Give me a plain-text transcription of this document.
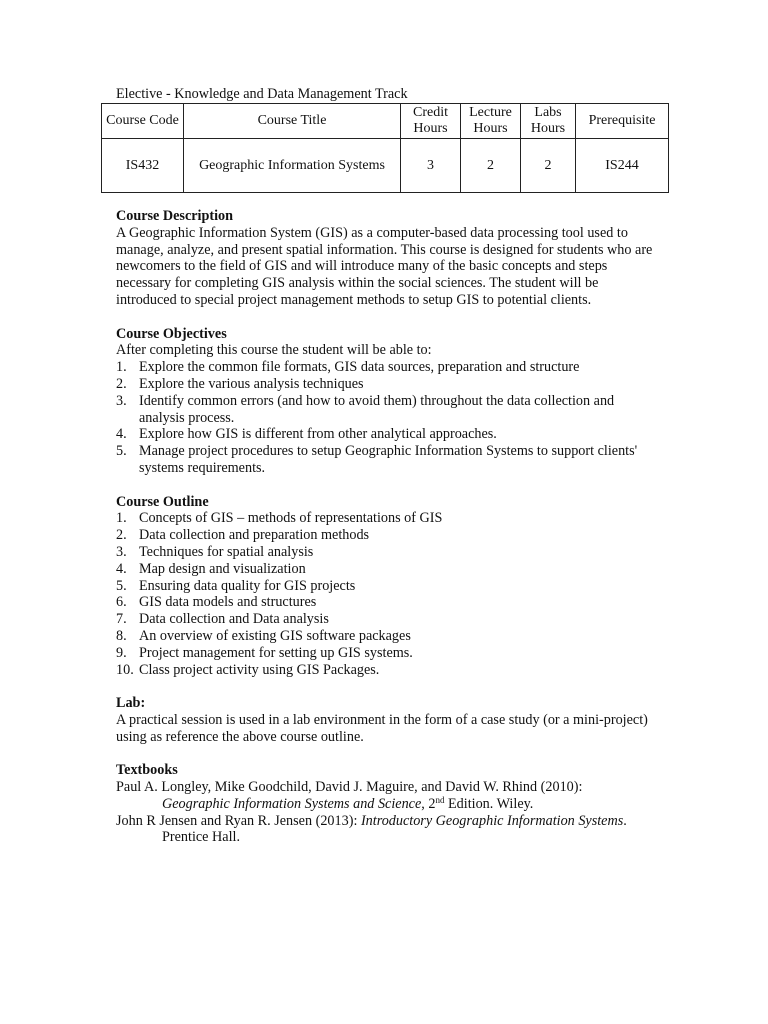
Elective - Knowledge and Data Management Track
Course Code	Course Title	Credit Hours	Lecture Hours	Labs Hours	Prerequisite
IS432	Geographic Information Systems	3	2	2	IS244
Course Description

A Geographic Information System (GIS) as a computer-based data processing tool used to manage, analyze, and present spatial information. This course is designed for students who are newcomers to the field of GIS and will introduce many of the basic concepts and steps necessary for completing GIS analysis within the social sciences. The student will be introduced to special project management methods to setup GIS to potential clients.

Course Objectives

After completing this course the student will be able to:

1. Explore the common file formats, GIS data sources, preparation and structure
2. Explore the various analysis techniques
3. Identify common errors (and how to avoid them) throughout the data collection and analysis process.
4. Explore how GIS is different from other analytical approaches.
5. Manage project procedures to setup Geographic Information Systems to support clients' systems requirements.
Course Outline
1. Concepts of GIS – methods of representations of GIS
2. Data collection and preparation methods
3. Techniques for spatial analysis
4. Map design and visualization
5. Ensuring data quality for GIS projects
6. GIS data models and structures
7. Data collection and Data analysis
8. An overview of existing GIS software packages
9. Project management for setting up GIS systems.
10. Class project activity using GIS Packages.
Lab:

A practical session is used in a lab environment in the form of a case study (or a mini-project) using as reference the above course outline.

Textbooks

Paul A. Longley, Mike Goodchild, David J. Maguire, and David W. Rhind (2010):
Geographic Information Systems and Science, 2nd Edition. Wiley.

John R Jensen and Ryan R. Jensen (2013): Introductory Geographic Information Systems. Prentice Hall.
